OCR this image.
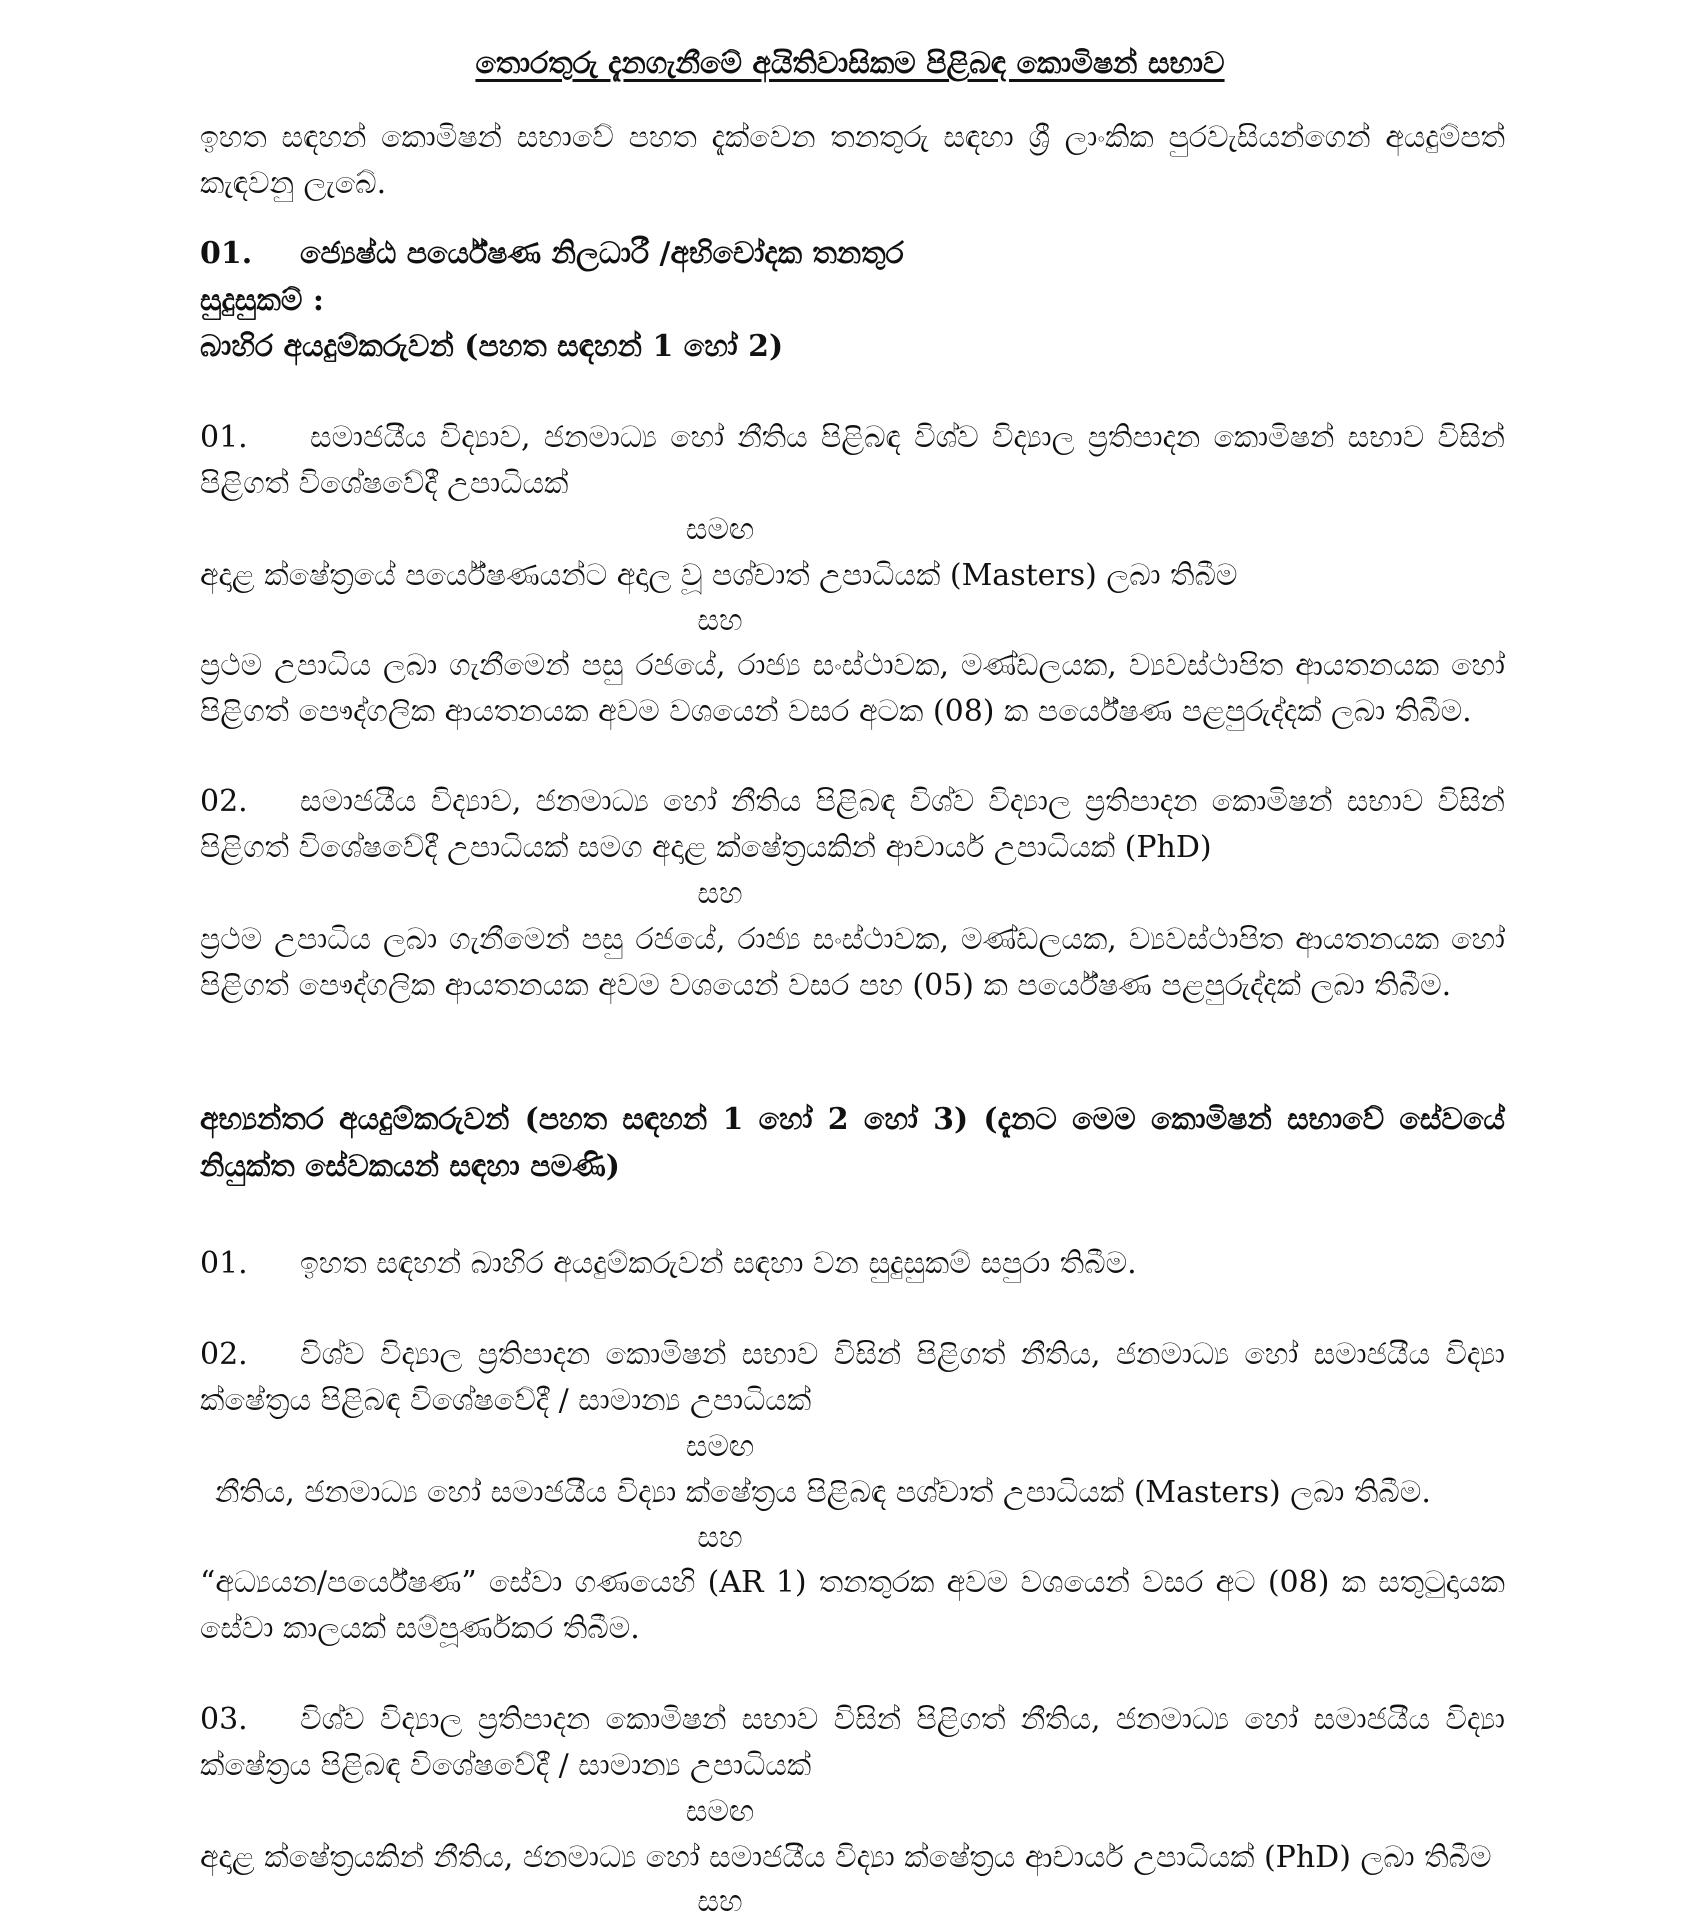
තොරතුරු දැනගැනීමේ අයිතිවාසිකම පිළිබඳ කොමිෂන් සභාව
ඉහත සඳහන් කොමිෂන් සභාවේ පහත දැක්වෙන තනතුරු සඳහා ශ්‍රී ලාංකික පුරවැසියන්ගෙන් අයදුම්පත්
කැඳවනු ලැබේ.
01. ජ්‍යෙෂ්ඨ පර්යේෂණ නිලධාරී /අභිචෝදක තනතුර
සුදුසුකම් :
බාහිර අයදුම්කරුවන් (පහත සඳහන් 1 හෝ 2)
01. සමාජයීය විද්‍යාව, ජනමාධ්‍ය හෝ නීතිය පිළිබඳ විශ්ව විද්‍යාල ප්‍රතිපාදන කොමිෂන් සභාව විසින්
පිළිගත් විශේෂවේදී උපාධියක්
සමඟ
අදාළ ක්ෂේත්‍රයේ පර්යේෂණයන්ට අදාල වූ පශ්චාත් උපාධියක් (Masters) ලබා තිබීම
සහ
ප්‍රථම උපාධිය ලබා ගැනීමෙන් පසු රජයේ, රාජ්‍ය සංස්ථාවක, මණ්ඩලයක, ව්‍යවස්ථාපිත ආයතනයක හෝ
පිළිගත් පෞද්ගලික ආයතනයක අවම වශයෙන් වසර අටක (08) ක පර්යේෂණ පළපුරුද්දක් ලබා තිබීම.
02. සමාජයීය විද්‍යාව, ජනමාධ්‍ය හෝ නීතිය පිළිබඳ විශ්ව විද්‍යාල ප්‍රතිපාදන කොමිෂන් සභාව විසින්
පිළිගත් විශේෂවේදී උපාධියක් සමග අදාළ ක්ෂේත්‍රයකින් ආචාර්ය උපාධියක් (PhD)
සහ
ප්‍රථම උපාධිය ලබා ගැනීමෙන් පසු රජයේ, රාජ්‍ය සංස්ථාවක, මණ්ඩලයක, ව්‍යවස්ථාපිත ආයතනයක හෝ
පිළිගත් පෞද්ගලික ආයතනයක අවම වශයෙන් වසර පහ (05) ක පර්යේෂණ පළපුරුද්දක් ලබා තිබීම.
අභ්‍යන්තර අයදුම්කරුවන් (පහත සඳහන් 1 හෝ 2 හෝ 3) (දැනට මෙම කොමිෂන් සභාවේ සේවයේ
නියුක්ත සේවකයන් සඳහා පමණි)
01. ඉහත සඳහන් බාහිර අයදුම්කරුවන් සඳහා වන සුදුසුකම් සපුරා තිබීම.
02. විශ්ව විද්‍යාල ප්‍රතිපාදන කොමිෂන් සභාව විසින් පිළිගත් නීතිය, ජනමාධ්‍ය හෝ සමාජයීය විද්‍යා
ක්ෂේත්‍රය පිළිබඳ විශේෂවේදී / සාමාන්‍ය උපාධියක්
සමඟ
නීතිය, ජනමාධ්‍ය හෝ සමාජයීය විද්‍යා ක්ෂේත්‍රය පිළිබඳ පශ්චාත් උපාධියක් (Masters) ලබා තිබීම.
සහ
“අධ්‍යයන/පර්යේෂණ” සේවා ගණයෙහි (AR 1) තනතුරක අවම වශයෙන් වසර අට (08) ක සතුටුදායක
සේවා කාලයක් සම්පූර්ණකර තිබීම.
03. විශ්ව විද්‍යාල ප්‍රතිපාදන කොමිෂන් සභාව විසින් පිළිගත් නීතිය, ජනමාධ්‍ය හෝ සමාජයීය විද්‍යා
ක්ෂේත්‍රය පිළිබඳ විශේෂවේදී / සාමාන්‍ය උපාධියක්
සමඟ
අදාළ ක්ෂේත්‍රයකින් නීතිය, ජනමාධ්‍ය හෝ සමාජයීය විද්‍යා ක්ෂේත්‍රය ආචාර්ය උපාධියක් (PhD) ලබා තිබීම
සහ
